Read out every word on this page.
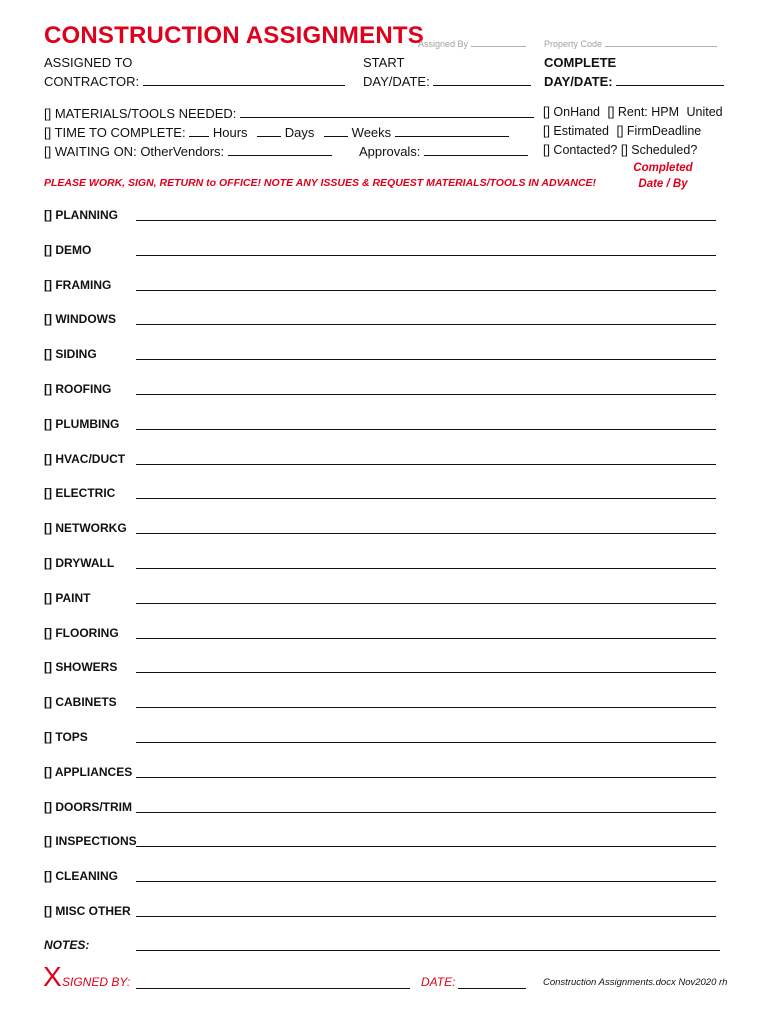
CONSTRUCTION ASSIGNMENTS
Assigned By	Property Code
ASSIGNED TO
CONTRACTOR:
START
DAY/DATE:
COMPLETE
DAY/DATE:
[] MATERIALS/TOOLS NEEDED:
[] TIME TO COMPLETE: Hours	Days	Weeks
[] WAITING ON: OtherVendors:	Approvals:
[] OnHand [] Rent: HPM United
[] Estimated [] FirmDeadline
[] Contacted? [] Scheduled?
PLEASE WORK, SIGN, RETURN to OFFICE! NOTE ANY ISSUES & REQUEST MATERIALS/TOOLS IN ADVANCE!
Completed Date / By
[] PLANNING
[] DEMO
[] FRAMING
[] WINDOWS
[] SIDING
[] ROOFING
[] PLUMBING
[] HVAC/DUCT
[] ELECTRIC
[] NETWORKG
[] DRYWALL
[] PAINT
[] FLOORING
[] SHOWERS
[] CABINETS
[] TOPS
[] APPLIANCES
[] DOORS/TRIM
[] INSPECTIONS
[] CLEANING
[] MISC OTHER
NOTES:
X SIGNED BY:	DATE:	Construction Assignments.docx Nov2020 rh
